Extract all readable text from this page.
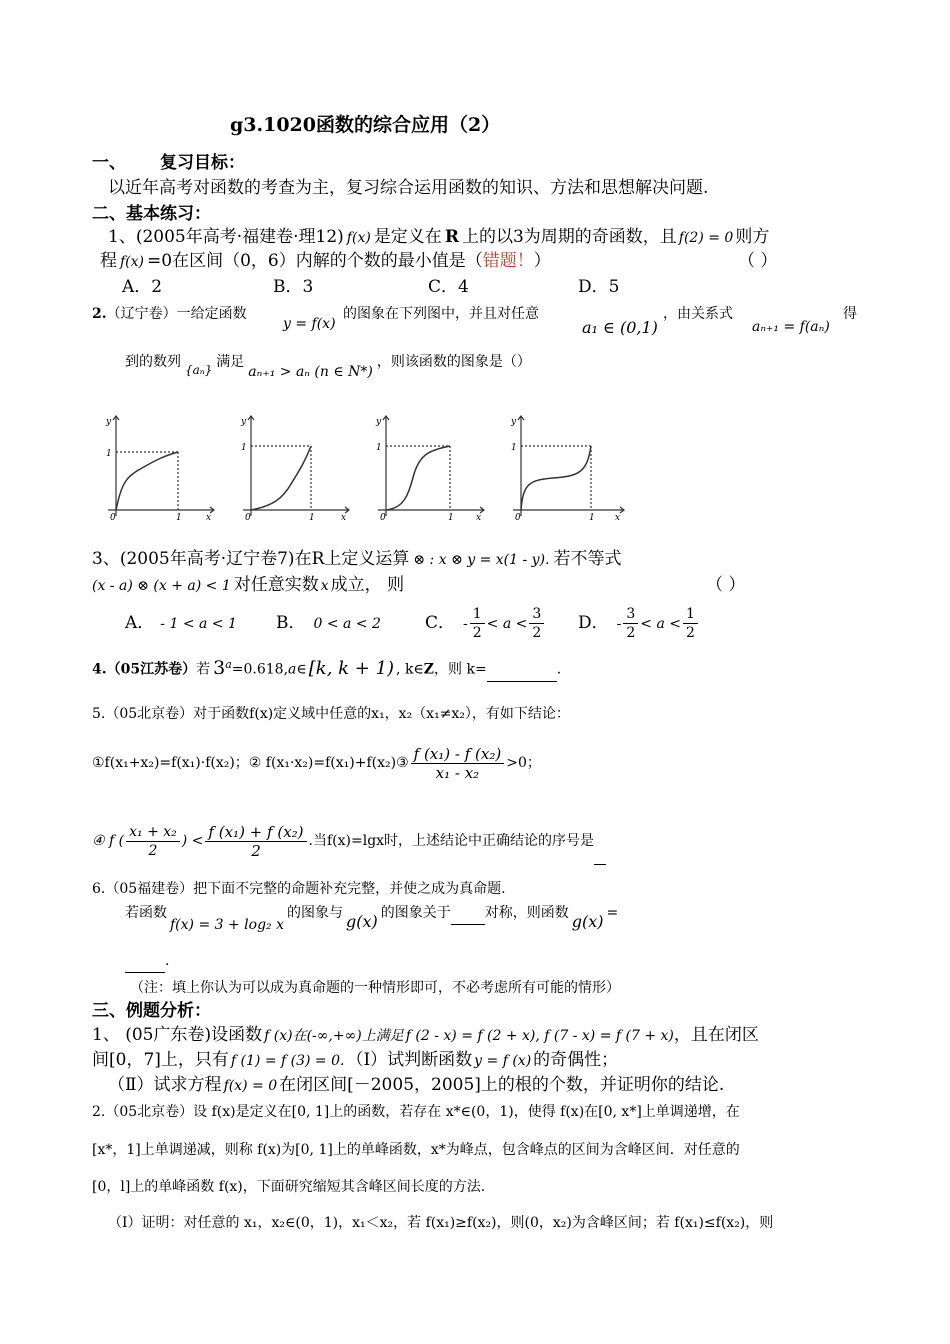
g3.1020函数的综合应用（2）
一、 复习目标：
以近年高考对函数的考查为主，复习综合运用函数的知识、方法和思想解决问题.
二、基本练习：
1、(2005年高考·福建卷·理12) f(x) 是定义在 R 上的以3为周期的奇函数，且 f(2) = 0 则方
程 f(x) =0在区间（0，6）内解的个数的最小值是（错题！）	（ ）
A．2	B．3	C．4	D．5
2.（辽宁卷）一给定函数
y = f(x)
的图象在下列图中，并且对任意
a₁ ∈ (0,1)
，由关系式
aₙ₊₁ = f(aₙ)
得
到的数列 {aₙ} 满足aₙ₊₁ > aₙ (n ∈ N*)，则该函数的图象是（）
1
0	1	x
y
1
0	1	x
y
1
0	1 x
y
1
0	1 x
y
3、(2005年高考·辽宁卷7)在R上定义运算 ⊗ : x ⊗ y = x(1 - y). 若不等式
(x - a) ⊗ (x + a) < 1 对任意实数 x 成立， 则	（ ）
A． - 1 < a < 1 B． 0 < a < 2	C． - $\frac{1}{2} < a < \frac{3}{2}$ D． - $\frac{3}{2} < a < \frac{1}{2}$
4.（05江苏卷）若 $3^a=0.618,a\in$ [k, k + 1) , k∈Z，则 k=	.
5.（05北京卷）对于函数f(x)定义域中任意的x₁，x₂（x₁≠x₂），有如下结论：
①f(x₁+x₂)=f(x₁)·f(x₂)；② f(x₁·x₂)=f(x₁)+f(x₂)③ $\frac{\text{f (x₁) - f (x₂)}}{\text{x₁ - x₂}} >0$；
④ f ( $\frac{\text{x₁ + x₂}}{2}$ ) < $\frac{\text{f (x₁) + f (x₂)}}{2}$ .当f(x)=lgx时，上述结论中正确结论的序号是
6.（05福建卷）把下面不完整的命题补充完整，并使之成为真命题.
若函数f(x) = 3 + log₂ x的图象与 g(x) 的图象关于 对称，则函数 g(x) =
.
（注：填上你认为可以成为真命题的一种情形即可，不必考虑所有可能的情形）
三、例题分析：
1、 (05广东卷)设函数 f (x)在(-∞,+∞)上满足 f (2 - x) = f (2 + x), f (7 - x) = f (7 + x)，且在闭区
间[0，7]上，只有 f (1) = f (3) = 0. （Ⅰ）试判断函数 y = f (x) 的奇偶性；
（Ⅱ）试求方程 f(x) = 0 在闭区间[－2005，2005]上的根的个数，并证明你的结论.
2.（05北京卷）设 f(x)是定义在[0, 1]上的函数，若存在 x*∈(0，1)，使得 f(x)在[0, x*]上单调递增，在
[x*，1]上单调递减，则称 f(x)为[0, 1]上的单峰函数，x*为峰点，包含峰点的区间为含峰区间．对任意的
[0，l]上的单峰函数 f(x)，下面研究缩短其含峰区间长度的方法.
（I）证明：对任意的 x₁，x₂∈(0，1)，x₁＜x₂，若 f(x₁)≥f(x₂)，则(0，x₂)为含峰区间；若 f(x₁)≤f(x₂)，则
